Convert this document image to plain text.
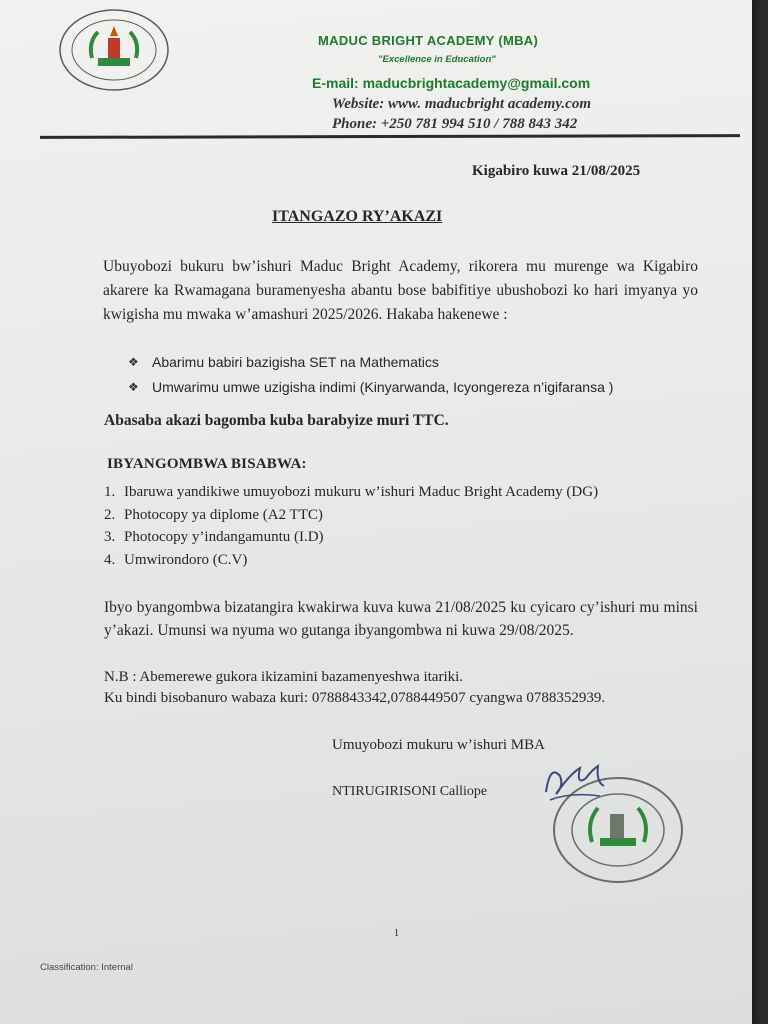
MADUC BRIGHT ACADEMY (MBA)
"Excellence in Education"
E-mail: maducbrightacademy@gmail.com
Website: www. maducbright academy.com
Phone: +250 781 994 510 / 788 843 342
Kigabiro kuwa 21/08/2025
ITANGAZO RY’AKAZI
Ubuyobozi bukuru bw’ishuri Maduc Bright Academy, rikorera mu murenge wa Kigabiro akarere ka Rwamagana buramenyesha abantu bose babifitiye ubushobozi ko hari imyanya yo kwigisha mu mwaka w’amashuri 2025/2026. Hakaba hakenewe :
❖ Abarimu babiri bazigisha SET na Mathematics
❖ Umwarimu umwe uzigisha indimi (Kinyarwanda, Icyongereza n’igifaransa )
Abasaba akazi bagomba kuba barabyize muri TTC.
IBYANGOMBWA BISABWA:
1. Ibaruwa yandikiwe umuyobozi mukuru w’ishuri Maduc Bright Academy (DG)
2. Photocopy ya diplome (A2 TTC)
3. Photocopy y’indangamuntu (I.D)
4. Umwirondoro (C.V)
Ibyo byangombwa bizatangira kwakirwa kuva kuwa 21/08/2025 ku cyicaro cy’ishuri mu minsi y’akazi. Umunsi wa nyuma wo gutanga ibyangombwa ni kuwa 29/08/2025.
N.B : Abemerewe gukora ikizamini bazamenyeshwa itariki.
Ku bindi bisobanuro wabaza kuri: 0788843342,0788449507 cyangwa 0788352939.
Umuyobozi mukuru w’ishuri MBA
NTIRUGIRISONI Calliope
1
Classification: Internal
